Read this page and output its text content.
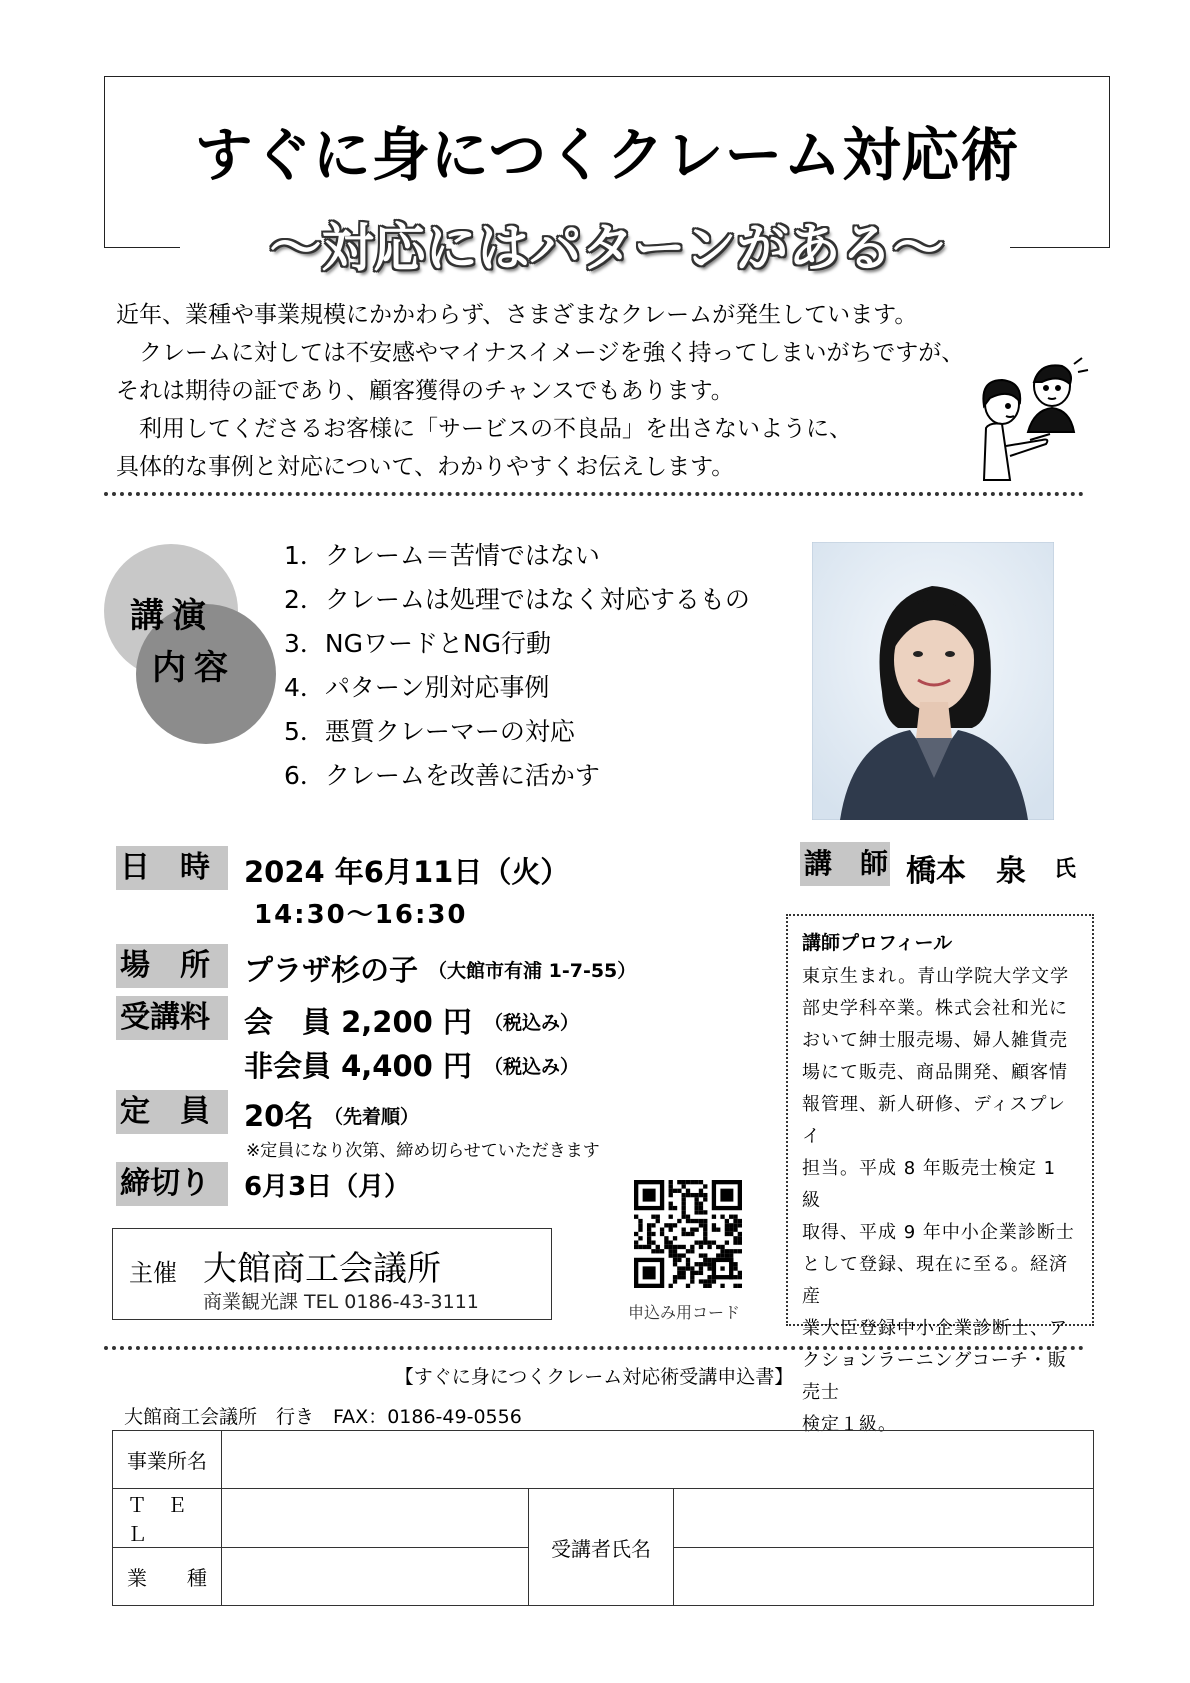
すぐに身につくクレーム対応術
～対応にはパターンがある～

近年、業種や事業規模にかかわらず、さまざまなクレームが発生しています。

　クレームに対しては不安感やマイナスイメージを強く持ってしまいがちですが、

それは期待の証であり、顧客獲得のチャンスでもあります。

　利用してくださるお客様に「サービスの不良品」を出さないように、

具体的な事例と対応について、わかりやすくお伝えします。

講演
内容
1．クレーム＝苦情ではない
2．クレームは処理ではなく対応するもの
3．NGワードとNG行動
4．パターン別対応事例
5．悪質クレーマーの対応
6．クレームを改善に活かす
日　時	2024 年6月11日（火）
14:30～16:30
場　所	プラザ杉の子 （大館市有浦 1-7-55）
受講料	会　員 2,200 円 （税込み）
非会員 4,400 円 （税込み）
定　員	20名 （先着順）
※定員になり次第、締め切らせていただきます
締切り	6月3日（月）
主催 大館商工会議所
商業観光課 TEL 0186-43-3111	申込み用コード
講　師 橋本　泉 氏
講師プロフィール
東京生まれ。青山学院大学文学
部史学科卒業。株式会社和光に
おいて紳士服売場、婦人雑貨売
場にて販売、商品開発、顧客情
報管理、新人研修、ディスプレイ
担当。平成 8 年販売士検定 1 級
取得、平成 9 年中小企業診断士
として登録、現在に至る。経済産
業大臣登録中小企業診断士、ア
クションラーニングコーチ・販売士
検定１級。
【すぐに身につくクレーム対応術受講申込書】
大館商工会議所　行き　FAX：0186-49-0556
事業所名			
Ｔ　Ｅ　Ｌ		受講者氏名	
業　　種			
